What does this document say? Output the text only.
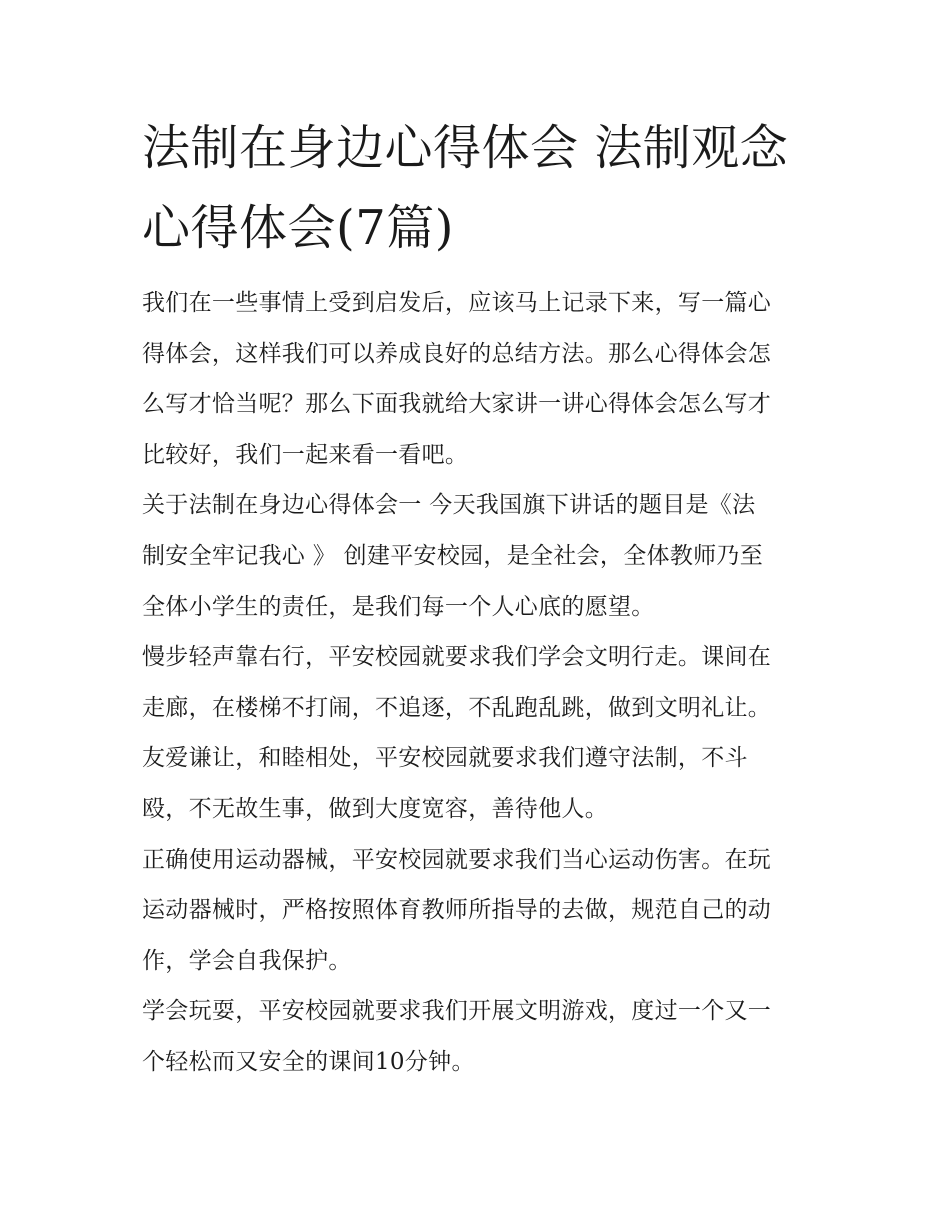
法制在身边心得体会 法制观念
心得体会(7篇)

我们在一些事情上受到启发后，应该马上记录下来，写一篇心
得体会，这样我们可以养成良好的总结方法。那么心得体会怎
么写才恰当呢？那么下面我就给大家讲一讲心得体会怎么写才
比较好，我们一起来看一看吧。

关于法制在身边心得体会一 今天我国旗下讲话的题目是《法
制安全牢记我心 》 创建平安校园，是全社会，全体教师乃至
全体小学生的责任，是我们每一个人心底的愿望。

慢步轻声靠右行，平安校园就要求我们学会文明行走。课间在
走廊，在楼梯不打闹，不追逐，不乱跑乱跳，做到文明礼让。
友爱谦让，和睦相处，平安校园就要求我们遵守法制，不斗
殴，不无故生事，做到大度宽容，善待他人。

正确使用运动器械，平安校园就要求我们当心运动伤害。在玩
运动器械时，严格按照体育教师所指导的去做，规范自己的动
作，学会自我保护。

学会玩耍，平安校园就要求我们开展文明游戏，度过一个又一
个轻松而又安全的课间10分钟。
